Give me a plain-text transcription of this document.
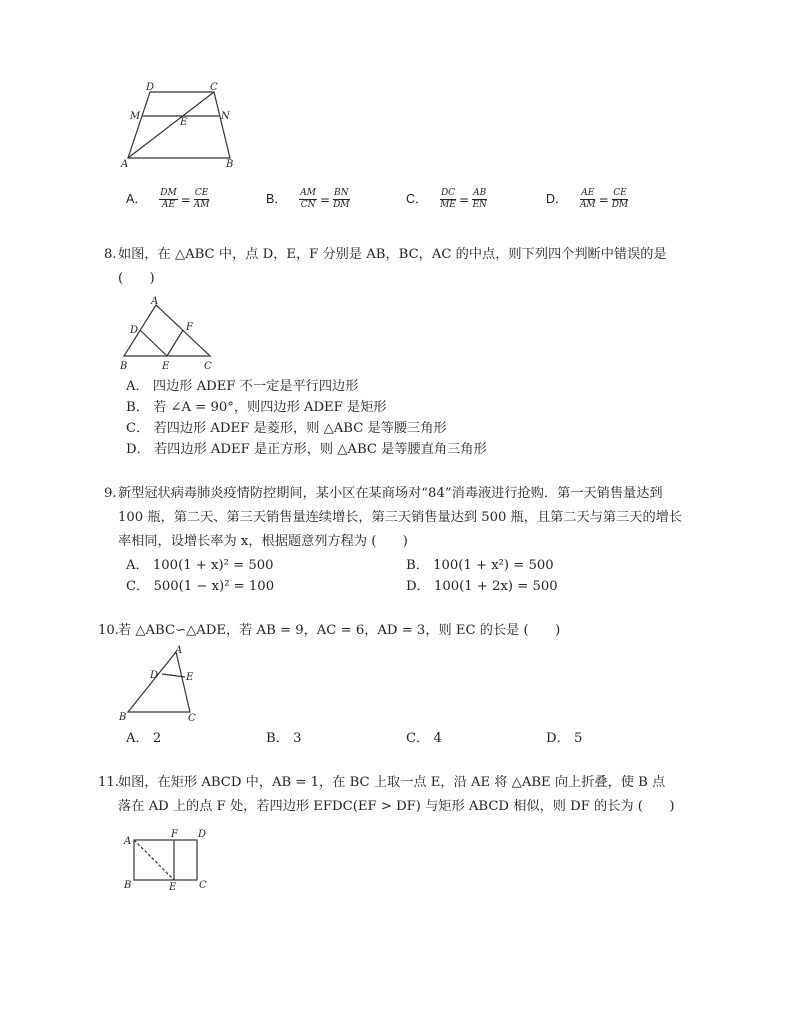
D	C
M	N
E
A	B
A． $\frac{DM}{AE} = \frac{CE}{AM}$	B． $\frac{AM}{CN} = \frac{BN}{DM}$	C． $\frac{DC}{ME} = \frac{AB}{EN}$	D． $\frac{AE}{AM} = \frac{CE}{DM}$
8. 如图，在 △ABC 中，点 D，E，F 分别是 AB，BC，AC 的中点，则下列四个判断中错误的是
(　　)
A
D	F
B	E	C
A． 四边形 ADEF 不一定是平行四边形
B． 若 ∠A = 90°，则四边形 ADEF 是矩形
C． 若四边形 ADEF 是菱形，则 △ABC 是等腰三角形
D． 若四边形 ADEF 是正方形，则 △ABC 是等腰直角三角形
9. 新型冠状病毒肺炎疫情防控期间，某小区在某商场对“84”消毒液进行抢购．第一天销售量达到
100 瓶，第二天、第三天销售量连续增长，第三天销售量达到 500 瓶，且第二天与第三天的增长
率相同，设增长率为 x，根据题意列方程为 (　　)
A． 100(1 + x)² = 500	B． 100(1 + x²) = 500
C． 500(1 − x)² = 100	D． 100(1 + 2x) = 500
10. 若 △ABC∽△ADE，若 AB = 9，AC = 6，AD = 3，则 EC 的长是 (　　)
A
D	E
B	C
A． 2	B． 3	C． 4	D． 5
11. 如图，在矩形 ABCD 中，AB = 1，在 BC 上取一点 E，沿 AE 将 △ABE 向上折叠，使 B 点
落在 AD 上的点 F 处，若四边形 EFDC(EF > DF) 与矩形 ABCD 相似，则 DF 的长为 (　　)
A
F D
B	E C
